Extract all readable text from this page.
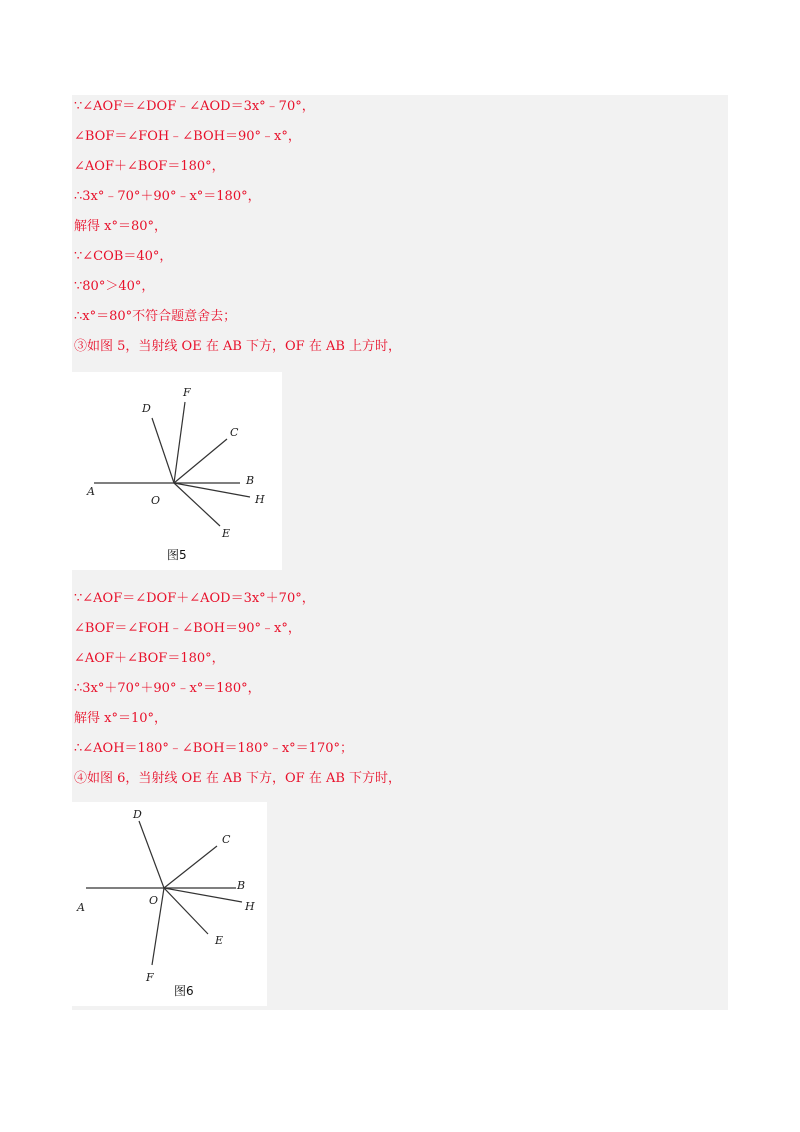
∵∠AOF＝∠DOF﹣∠AOD＝3x°﹣70°，
∠BOF＝∠FOH﹣∠BOH＝90°﹣x°，
∠AOF＋∠BOF＝180°，
∴3x°﹣70°＋90°﹣x°＝180°，
解得 x°＝80°，
∵∠COB＝40°，
∵80°＞40°，
∴x°＝80°不符合题意舍去；
③如图 5，当射线 OE 在 AB 下方，OF 在 AB 上方时，
A
B
C
D
E
F
H
O
图5
∵∠AOF＝∠DOF＋∠AOD＝3x°＋70°，
∠BOF＝∠FOH﹣∠BOH＝90°﹣x°，
∠AOF＋∠BOF＝180°，
∴3x°＋70°＋90°﹣x°＝180°，
解得 x°＝10°，
∴∠AOH＝180°﹣∠BOH＝180°﹣x°＝170°；
④如图 6，当射线 OE 在 AB 下方，OF 在 AB 下方时，
A
B
C
D
E
F
H
O
图6
